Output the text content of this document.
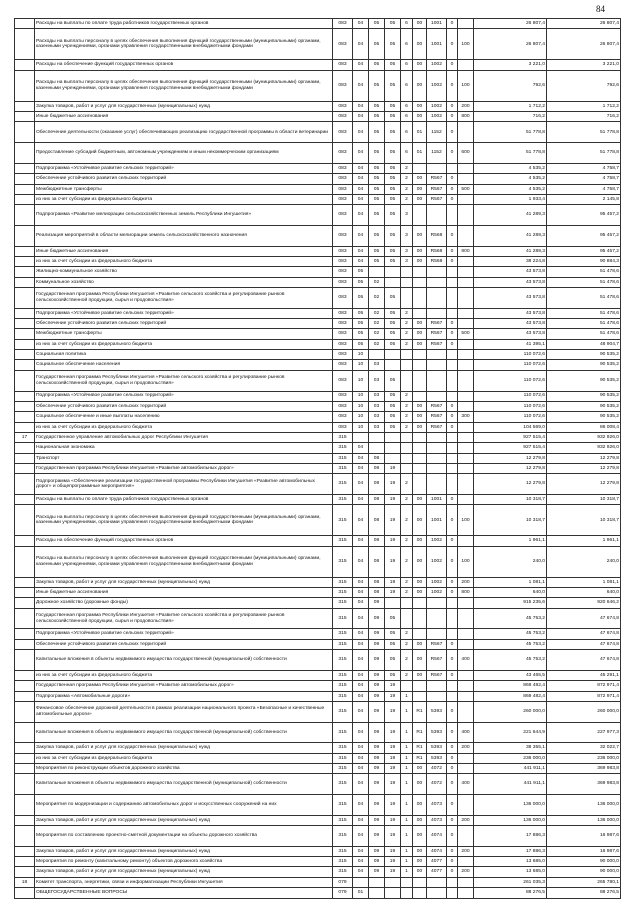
84
	Расходы на выплаты по оплате труда работников государственных органов	083	04	05	05	6	00	1001	0		26 807,4	26 807,4
	Расходы на выплаты персоналу в целях обеспечения выполнения функций государственными (муниципальными) органами, казенными учреждениями, органами управления государственными внебюджетными фондами	083	04	05	05	6	00	1001	0	100	26 807,4	26 807,4
	Расходы на обеспечение функций государственных органов	083	04	05	05	6	00	1002	0		3 221,0	3 221,0
	Расходы на выплаты персоналу в целях обеспечения выполнения функций государственными (муниципальными) органами, казенными учреждениями, органами управления государственными внебюджетными фондами	083	04	05	05	6	00	1002	0	100	792,6	792,6
	Закупка товаров, работ и услуг для государственных (муниципальных) нужд	083	04	05	05	6	00	1002	0	200	1 712,2	1 712,2
	Иные бюджетные ассигнования	083	04	05	05	6	00	1002	0	800	716,2	716,2
	Обеспечение деятельности (оказание услуг) обеспечивающих реализацию государственной программы в области ветеринарии	083	04	05	05	6	01	1152	0		51 778,8	51 778,8
	Предоставление субсидий бюджетным, автономным учреждениям и иным некоммерческим организациям	083	04	05	05	6	01	1152	0	600	51 778,8	51 778,8
	Подпрограмма «Устойчивое развитие сельских территорий»	083	04	05	05	2					4 535,2	4 758,7
	Обеспечение устойчивого развития сельских территорий	083	04	05	05	2	00	R567	0		4 535,2	4 758,7
	Межбюджетные трансферты	083	04	05	05	2	00	R567	0	500	4 535,2	4 758,7
	из них за счет субсидии из федерального бюджета	083	04	05	05	2	00	R567	0		1 933,4	2 145,8
	Подпрограмма «Развитие мелиорации сельскохозяйственных земель Республики Ингушетия»	083	04	05	05	3					41 289,3	95 457,2
	Реализация мероприятий в области мелиорации земель сельскохозяйственного назначения	083	04	05	05	3	00	R568	0		41 289,3	95 457,2
	Иные бюджетные ассигнования	083	04	05	05	3	00	R568	0	800	41 289,3	95 457,2
	из них за счет субсидии из федерального бюджета	083	04	05	05	3	00	R568	0		38 224,8	90 884,3
	Жилищно-коммунальное хозяйство	083	05								43 573,8	51 478,6
	Коммунальное хозяйство	083	05	02							43 573,8	51 478,6
	Государственная программа Республики Ингушетия «Развитие сельского хозяйства и регулирование рынков сельскохозяйственной продукции, сырья и продовольствия»	083	05	02	05						43 573,8	51 478,6
	Подпрограмма «Устойчивое развитие сельских территорий»	083	05	02	05	2					43 573,8	51 478,6
	Обеспечение устойчивого развития сельских территорий	083	05	02	05	2	00	R567	0		43 573,8	51 478,6
	Межбюджетные трансферты	083	05	02	05	2	00	R567	0	500	43 573,8	51 478,6
	из них за счет субсидии из федерального бюджета	083	05	02	05	2	00	R567	0		41 395,1	48 904,7
	Социальная политика	083	10								110 072,6	90 535,2
	Социальное обеспечение населения	083	10	03							110 072,6	90 535,2
	Государственная программа Республики Ингушетия «Развитие сельского хозяйства и регулирование рынков сельскохозяйственной продукции, сырья и продовольствия»	083	10	03	05						110 072,6	90 535,2
	Подпрограмма «Устойчивое развитие сельских территорий»	083	10	03	05	2					110 072,6	90 535,2
	Обеспечение устойчивого развития сельских территорий	083	10	03	05	2	00	R567	0		110 072,6	90 535,2
	Социальное обеспечение и иные выплаты населению	083	10	03	05	2	00	R567	0	300	110 072,6	90 535,2
	из них за счет субсидии из федерального бюджета	083	10	03	05	2	00	R567	0		104 569,0	86 008,4
17	Государственное управление автомобильных дорог Республики Ингушетия	315									927 515,4	932 926,0
	Национальная экономика	315	04								927 515,4	932 926,0
	Транспорт	315	04	08							12 279,8	12 279,8
	Государственная программа Республики Ингушетия «Развитие автомобильных дорог»	315	04	08	19						12 279,8	12 279,8
	Подпрограмма «Обеспечение реализации государственной программы Республики Ингушетия «Развитие автомобильных дорог» и общепрограммные мероприятия»	315	04	08	19	2					12 279,8	12 279,8
	Расходы на выплаты по оплате труда работников государственных органов	315	04	08	19	2	00	1001	0		10 318,7	10 318,7
	Расходы на выплаты персоналу в целях обеспечения выполнения функций государственными (муниципальными) органами, казенными учреждениями, органами управления государственными внебюджетными фондами	315	04	08	19	2	00	1001	0	100	10 318,7	10 318,7
	Расходы на обеспечение функций государственных органов	315	04	08	19	2	00	1002	0		1 961,1	1 961,1
	Расходы на выплаты персоналу в целях обеспечения выполнения функций государственными (муниципальными) органами, казенными учреждениями, органами управления государственными внебюджетными фондами	315	04	08	19	2	00	1002	0	100	240,0	240,0
	Закупка товаров, работ и услуг для государственных (муниципальных) нужд	315	04	08	19	2	00	1002	0	200	1 081,1	1 081,1
	Иные бюджетные ассигнования	315	04	08	19	2	00	1002	0	800	640,0	640,0
	Дорожное хозяйство (дорожные фонды)	315	04	09							915 235,6	920 646,2
	Государственная программа Республики Ингушетия «Развитие сельского хозяйства и регулирование рынков сельскохозяйственной продукции, сырья и продовольствия»	315	04	09	05						45 753,2	47 674,8
	Подпрограмма «Устойчивое развитие сельских территорий»	315	04	09	05	2					45 753,2	47 674,8
	Обеспечение устойчивого развития сельских территорий	315	04	09	05	2	00	R567	0		45 753,2	47 674,8
	Капитальные вложения в объекты недвижимого имущества государственной (муниципальной) собственности	315	04	09	05	2	00	R567	0	400	45 753,2	47 674,8
	из них за счет субсидии из федерального бюджета	315	04	09	05	2	00	R567	0		43 465,5	45 291,1
	Государственная программа Республики Ингушетия «Развитие автомобильных дорог»	315	04	09	19						869 482,4	872 971,4
	Подпрограмма «Автомобильные дороги»	315	04	09	19	1					869 482,4	872 971,4
	Финансовое обеспечение дорожной деятельности в рамках реализации национального проекта «Безопасные и качественные автомобильные дороги»	315	04	09	19	1	R1	5393	0		260 000,0	260 000,0
	Капитальные вложения в объекты недвижимого имущества государственной (муниципальной) собственности	315	04	09	19	1	R1	5393	0	400	221 644,9	227 977,3
	Закупка товаров, работ и услуг для государственных (муниципальных) нужд	315	04	09	19	1	R1	5393	0	200	38 355,1	32 022,7
	из них за счет субсидии из федерального бюджета	315	04	09	19	1	R1	5393	0		236 000,0	236 000,0
	Мероприятия по реконструкции объектов дорожного хозяйства	315	04	09	19	1	00	4072	0		441 911,1	369 983,8
	Капитальные вложения в объекты недвижимого имущества государственной (муниципальной) собственности	315	04	09	19	1	00	4072	0	400	441 911,1	369 983,8
	Мероприятия по модернизации и содержанию автомобильных дорог и искусственных сооружений на них	315	04	09	19	1	00	4073	0		136 000,0	136 000,0
	Закупка товаров, работ и услуг для государственных (муниципальных) нужд	315	04	09	19	1	00	4073	0	200	136 000,0	136 000,0
	Мероприятия по составлению проектно-сметной документации на объекты дорожного хозяйства	315	04	09	19	1	00	4074	0		17 886,3	16 987,6
	Закупка товаров, работ и услуг для государственных (муниципальных) нужд	315	04	09	19	1	00	4074	0	200	17 886,3	16 987,6
	Мероприятия по ремонту (капитальному ремонту) объектов дорожного хозяйства	315	04	09	19	1	00	4077	0		13 685,0	90 000,0
	Закупка товаров, работ и услуг для государственных (муниципальных) нужд	315	04	09	19	1	00	4077	0	200	13 685,0	90 000,0
18	Комитет транспорта, энергетики, связи и информатизации Республики Ингушетия	079									261 035,3	265 780,1
	ОБЩЕГОСУДАРСТВЕННЫЕ ВОПРОСЫ	079	01								88 276,5	88 276,5
